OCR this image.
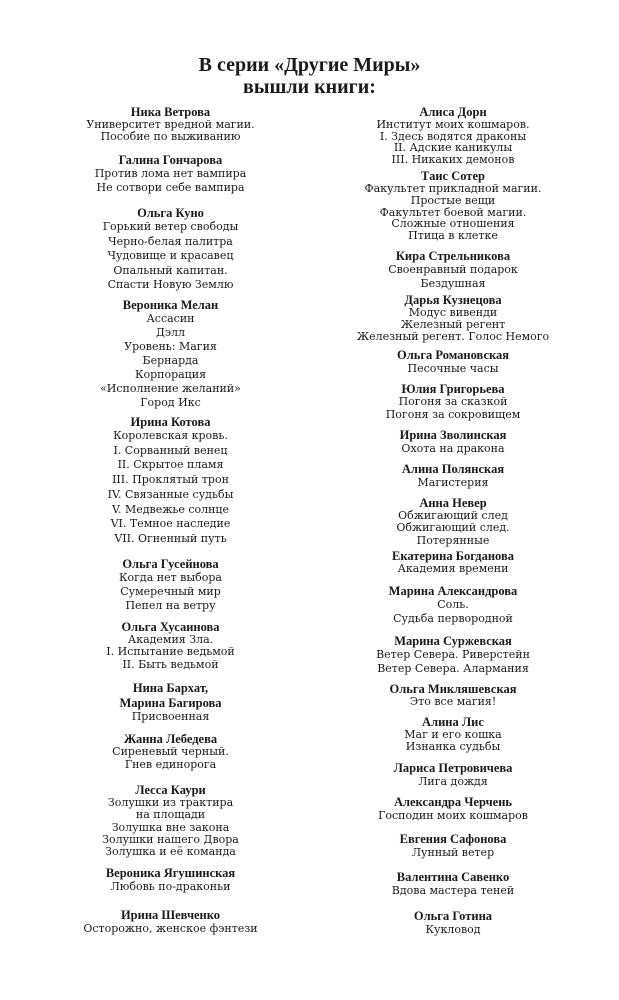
В серии «Другие Миры»
вышли книги:
Ника Ветрова
Университет вредной магии.
Пособие по выживанию
Галина Гончарова
Против лома нет вампира
Не сотвори себе вампира
Ольга Куно
Горький ветер свободы
Черно-белая палитра
Чудовище и красавец
Опальный капитан.
Спасти Новую Землю
Вероника Мелан
Ассасин
Дэлл
Уровень: Магия
Бернарда
Корпорация
«Исполнение желаний»
Город Икс
Ирина Котова
Королевская кровь.
I. Сорванный венец
II. Скрытое пламя
III. Проклятый трон
IV. Связанные судьбы
V. Медвежье солнце
VI. Темное наследие
VII. Огненный путь
Ольга Гусейнова
Когда нет выбора
Сумеречный мир
Пепел на ветру
Ольга Хусаинова
Академия Зла.
I. Испытание ведьмой
II. Быть ведьмой
Нина Бархат,
Марина Багирова
Присвоенная
Жанна Лебедева
Сиреневый черный.
Гнев единорога
Лесса Каури
Золушки из трактира
на площади
Золушка вне закона
Золушки нашего Двора
Золушка и её команда
Вероника Ягушинская
Любовь по-драконьи
Ирина Шевченко
Осторожно, женское фэнтези
Алиса Дорн
Институт моих кошмаров.
I. Здесь водятся драконы
II. Адские каникулы
III. Никаких демонов
Таис Сотер
Факультет прикладной магии.
Простые вещи
Факультет боевой магии.
Сложные отношения
Птица в клетке
Кира Стрельникова
Своенравный подарок
Бездушная
Дарья Кузнецова
Модус вивенди
Железный регент
Железный регент. Голос Немого
Ольга Романовская
Песочные часы
Юлия Григорьева
Погоня за сказкой
Погоня за сокровищем
Ирина Зволинская
Охота на дракона
Алина Полянская
Магистерия
Анна Невер
Обжигающий след
Обжигающий след.
Потерянные
Екатерина Богданова
Академия времени
Марина Александрова
Соль.
Судьба первородной
Марина Суржевская
Ветер Севера. Риверстейн
Ветер Севера. Алармания
Ольга Микляшевская
Это все магия!
Алина Лис
Маг и его кошка
Изнанка судьбы
Лариса Петровичева
Лига дождя
Александра Черчень
Господин моих кошмаров
Евгения Сафонова
Лунный ветер
Валентина Савенко
Вдова мастера теней
Ольга Готина
Кукловод
